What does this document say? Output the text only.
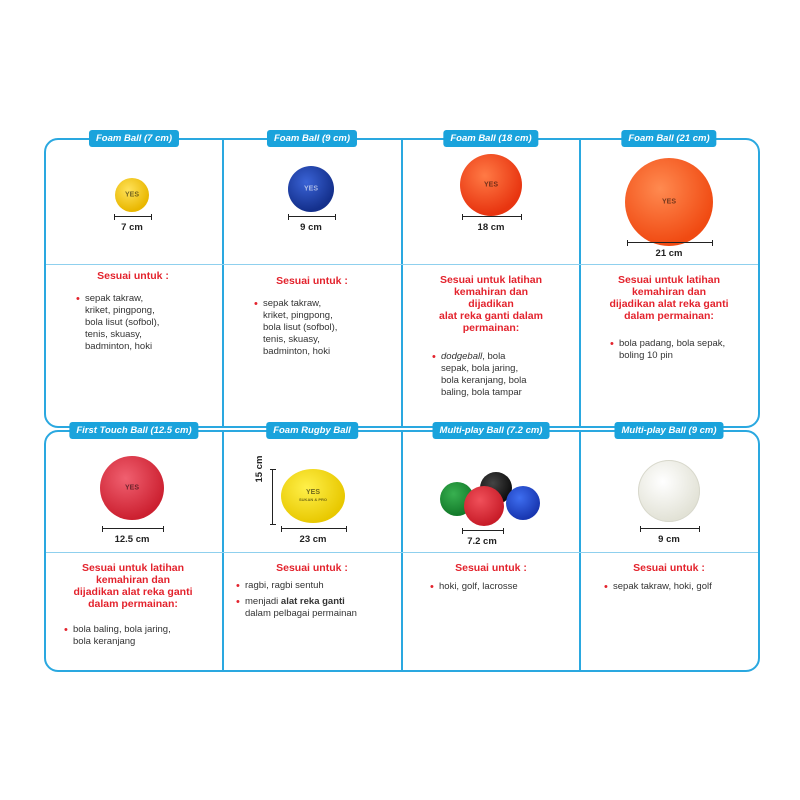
Foam Ball (7 cm)
YES
7 cm
Sesuai untuk :
• sepak takraw,
kriket, pingpong,
bola lisut (sofbol),
tenis, skuasy,
badminton, hoki
Foam Ball (9 cm)
YES
9 cm
Sesuai untuk :
• sepak takraw,
kriket, pingpong,
bola lisut (sofbol),
tenis, skuasy,
badminton, hoki
Foam Ball (18 cm)
YES
18 cm
Sesuai untuk latihan
kemahiran dan
dijadikan
alat reka ganti dalam
permainan:
• dodgeball, bola
sepak, bola jaring,
bola keranjang, bola
baling, bola tampar
Foam Ball (21 cm)
YES
21 cm
Sesuai untuk latihan
kemahiran dan
dijadikan alat reka ganti
dalam permainan:
• bola padang, bola sepak,
boling 10 pin
First Touch Ball (12.5 cm)
YES
12.5 cm
Sesuai untuk latihan
kemahiran dan
dijadikan alat reka ganti
dalam permainan:
• bola baling, bola jaring,
bola keranjang
Foam Rugby Ball
YES
SUKAN & PRO
15 cm
23 cm
Sesuai untuk :
• ragbi, ragbi sentuh
• menjadi alat reka ganti
dalam pelbagai permainan
Multi-play Ball (7.2 cm)
7.2 cm
Sesuai untuk :
• hoki, golf, lacrosse
Multi-play Ball (9 cm)
9 cm
Sesuai untuk :
• sepak takraw, hoki, golf
